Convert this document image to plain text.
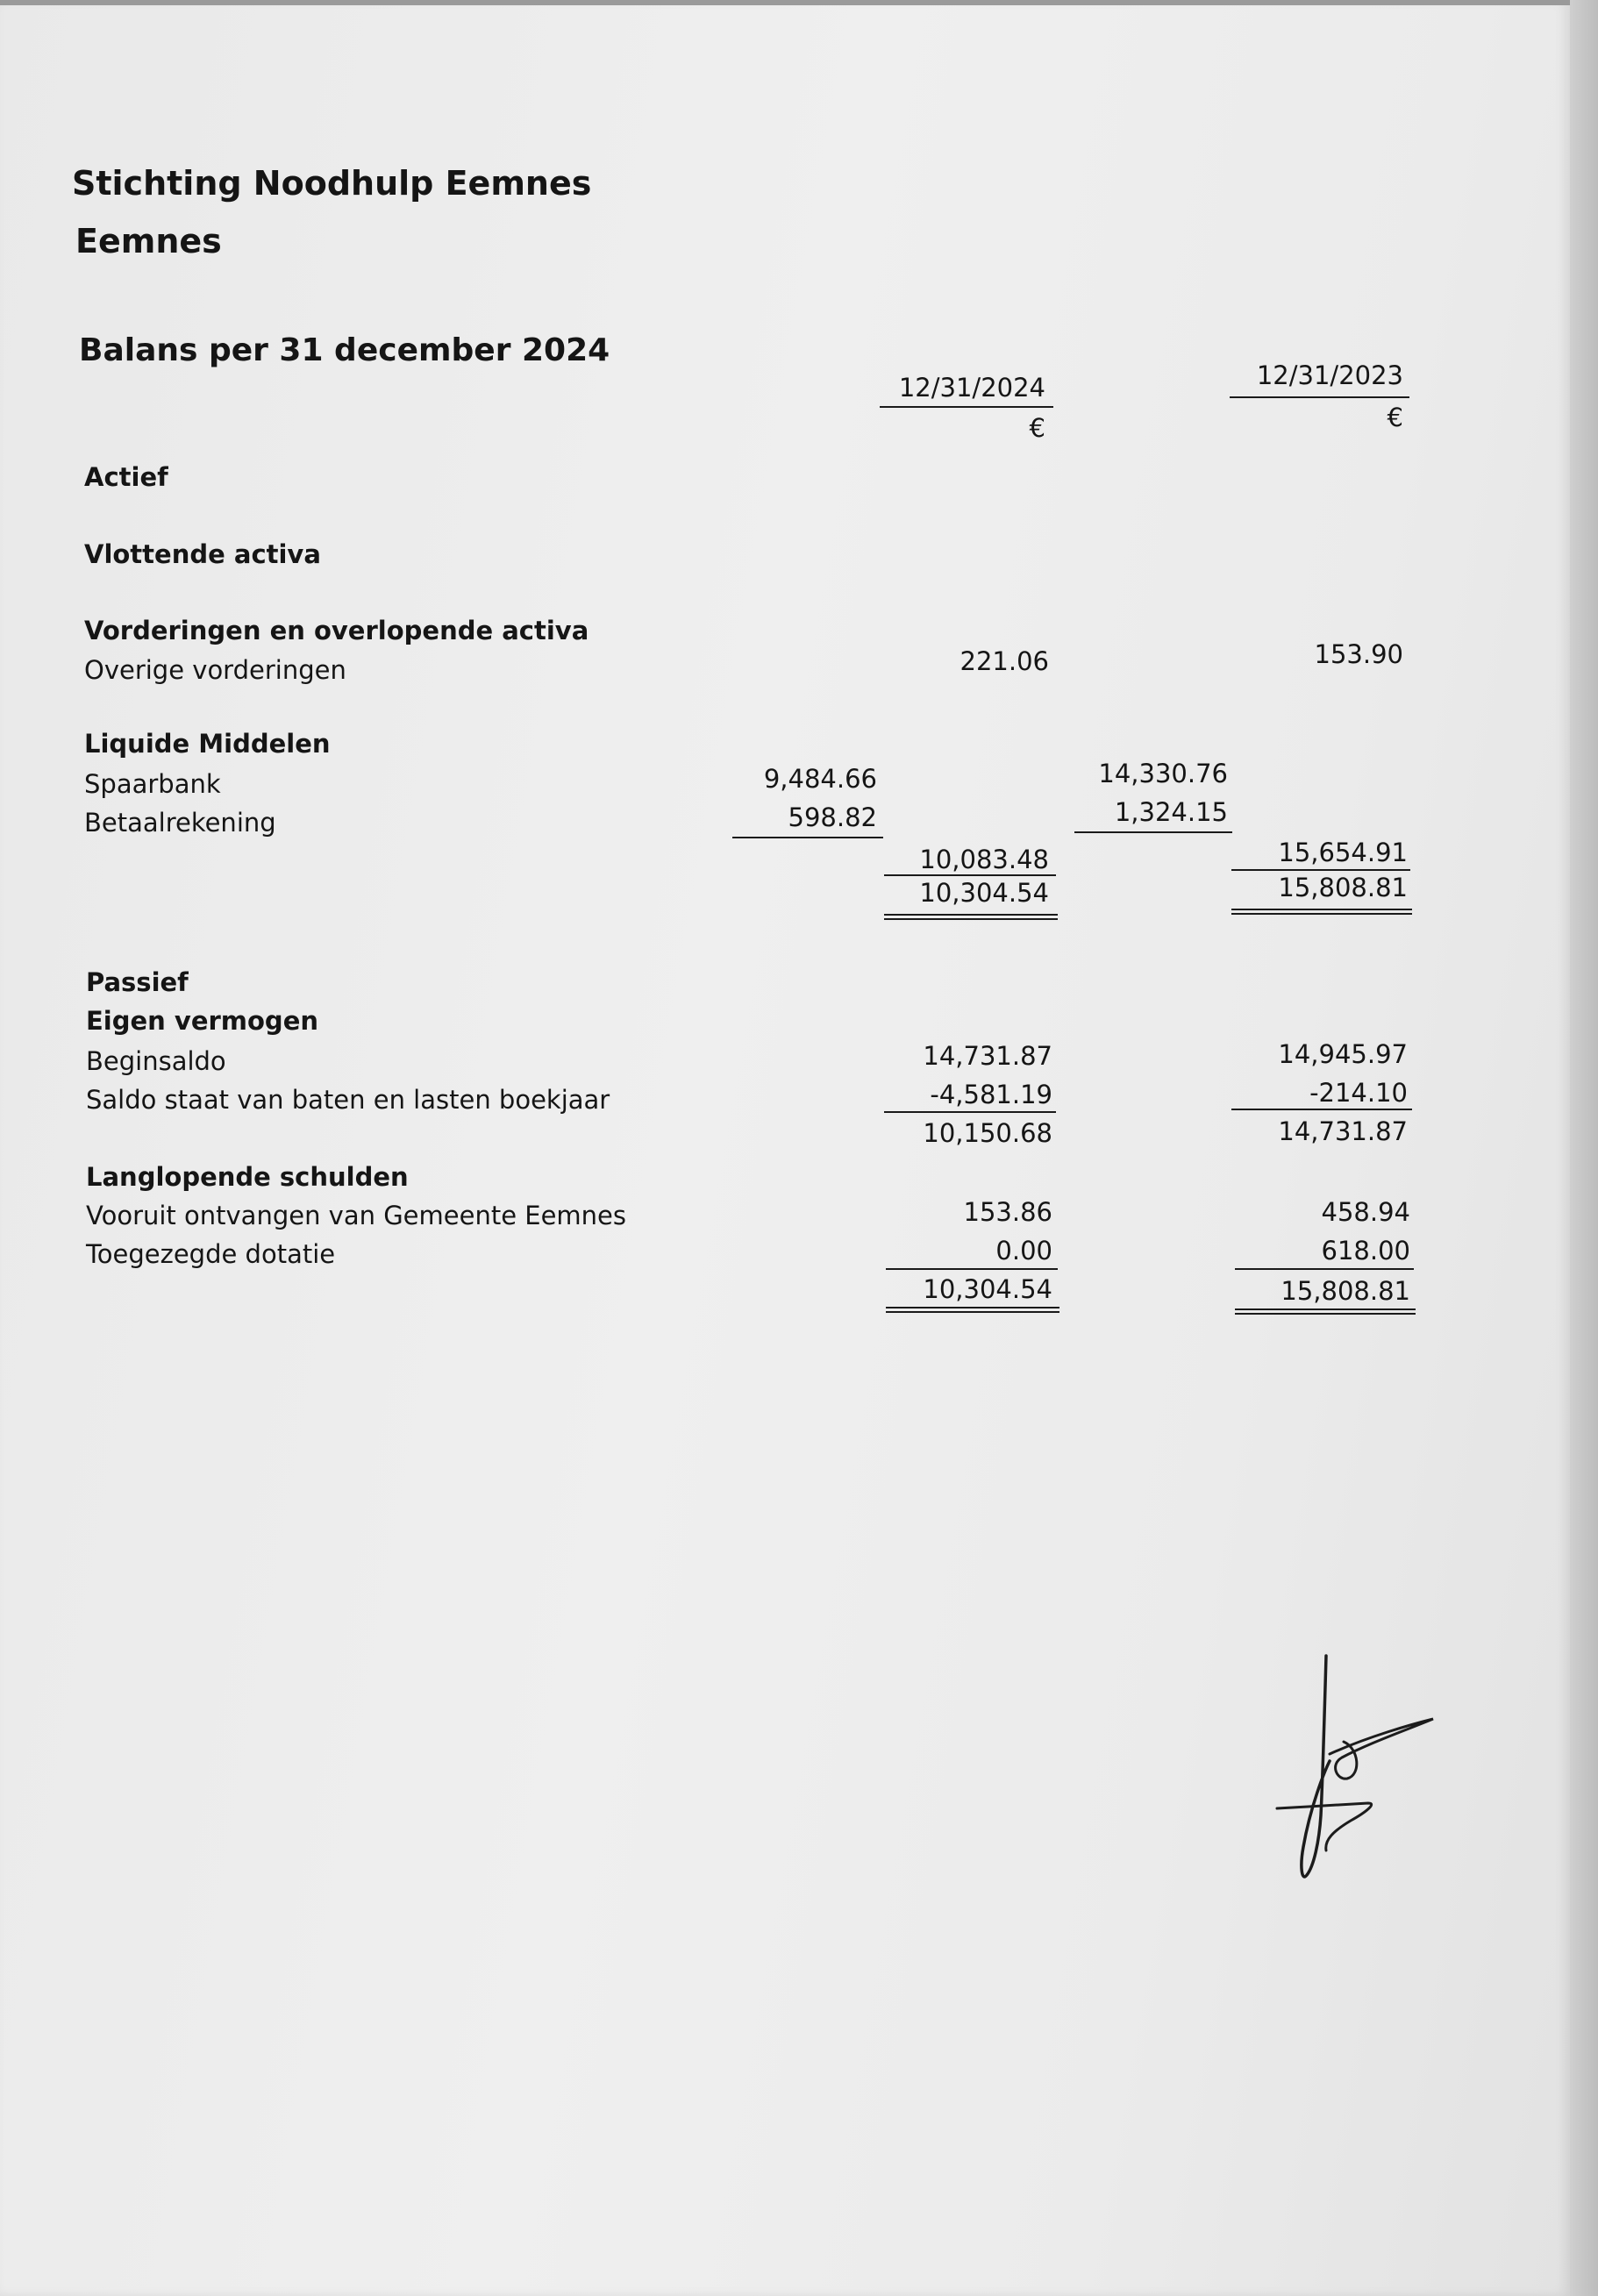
Stichting Noodhulp Eemnes
Eemnes
Balans per 31 december 2024
12/31/2024
€
12/31/2023
€
Actief
Vlottende activa
Vorderingen en overlopende activa
Overige vorderingen	221.06	153.90
Liquide Middelen
Spaarbank	9,484.66	14,330.76
Betaalrekening	598.82	1,324.15
10,083.48	15,654.91
10,304.54	15,808.81
Passief
Eigen vermogen
Beginsaldo	14,731.87	14,945.97
Saldo staat van baten en lasten boekjaar	-4,581.19	-214.10
10,150.68	14,731.87
Langlopende schulden
Vooruit ontvangen van Gemeente Eemnes	153.86	458.94
Toegezegde dotatie	0.00	618.00
10,304.54	15,808.81
